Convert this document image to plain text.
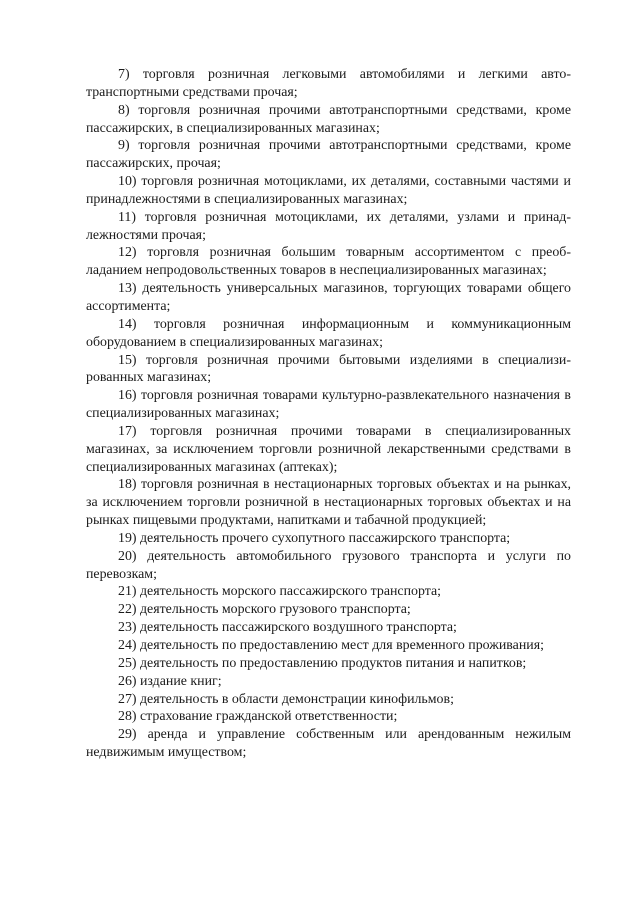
7) торговля розничная легковыми автомобилями и легкими автотранспортными средствами прочая;

8) торговля розничная прочими автотранспортными средствами, кроме пассажирских, в специализированных магазинах;

9) торговля розничная прочими автотранспортными средствами, кроме пассажирских, прочая;

10) торговля розничная мотоциклами, их деталями, составными частями и принадлежностями в специализированных магазинах;

11) торговля розничная мотоциклами, их деталями, узлами и принадлежностями прочая;

12) торговля розничная большим товарным ассортиментом с преобладанием непродовольственных товаров в неспециализированных магазинах;

13) деятельность универсальных магазинов, торгующих товарами общего ассортимента;

14) торговля розничная информационным и коммуникационным оборудованием в специализированных магазинах;

15) торговля розничная прочими бытовыми изделиями в специализированных магазинах;

16) торговля розничная товарами культурно-развлекательного назначения в специализированных магазинах;

17) торговля розничная прочими товарами в специализированных магазинах, за исключением торговли розничной лекарственными средствами в специализированных магазинах (аптеках);

18) торговля розничная в нестационарных торговых объектах и на рынках, за исключением торговли розничной в нестационарных торговых объектах и на рынках пищевыми продуктами, напитками и табачной продукцией;

19) деятельность прочего сухопутного пассажирского транспорта;

20) деятельность автомобильного грузового транспорта и услуги по перевозкам;

21) деятельность морского пассажирского транспорта;

22) деятельность морского грузового транспорта;

23) деятельность пассажирского воздушного транспорта;

24) деятельность по предоставлению мест для временного проживания;

25) деятельность по предоставлению продуктов питания и напитков;

26) издание книг;

27) деятельность в области демонстрации кинофильмов;

28) страхование гражданской ответственности;

29) аренда и управление собственным или арендованным нежилым недвижимым имуществом;
